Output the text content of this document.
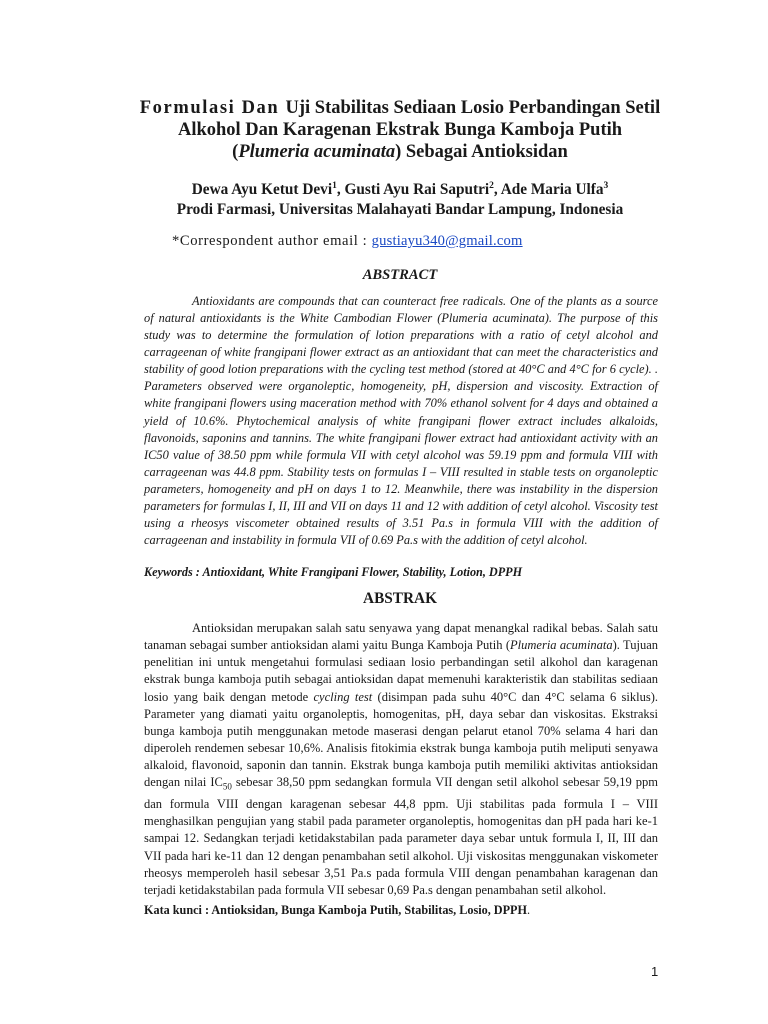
Formulasi Dan Uji Stabilitas Sediaan Losio Perbandingan Setil
Alkohol Dan Karagenan Ekstrak Bunga Kamboja Putih
(Plumeria acuminata) Sebagai Antioksidan
Dewa Ayu Ketut Devi$^1$, Gusti Ayu Rai Saputri$^2$, Ade Maria Ulfa$^3$
Prodi Farmasi, Universitas Malahayati Bandar Lampung, Indonesia
*Correspondent author email : gustiayu340@gmail.com
ABSTRACT

Antioxidants are compounds that can counteract free radicals. One of the plants as a source of natural antioxidants is the White Cambodian Flower (Plumeria acuminata). The purpose of this study was to determine the formulation of lotion preparations with a ratio of cetyl alcohol and carrageenan of white frangipani flower extract as an antioxidant that can meet the characteristics and stability of good lotion preparations with the cycling test method (stored at 40°C and 4°C for 6 cycle). . Parameters observed were organoleptic, homogeneity, pH, dispersion and viscosity. Extraction of white frangipani flowers using maceration method with 70% ethanol solvent for 4 days and obtained a yield of 10.6%. Phytochemical analysis of white frangipani flower extract includes alkaloids, flavonoids, saponins and tannins. The white frangipani flower extract had antioxidant activity with an IC50 value of 38.50 ppm while formula VII with cetyl alcohol was 59.19 ppm and formula VIII with carrageenan was 44.8 ppm. Stability tests on formulas I – VIII resulted in stable tests on organoleptic parameters, homogeneity and pH on days 1 to 12. Meanwhile, there was instability in the dispersion parameters for formulas I, II, III and VII on days 11 and 12 with addition of cetyl alcohol. Viscosity test using a rheosys viscometer obtained results of 3.51 Pa.s in formula VIII with the addition of carrageenan and instability in formula VII of 0.69 Pa.s with the addition of cetyl alcohol.

Keywords : Antioxidant, White Frangipani Flower, Stability, Lotion, DPPH
ABSTRAK

Antioksidan merupakan salah satu senyawa yang dapat menangkal radikal bebas. Salah satu tanaman sebagai sumber antioksidan alami yaitu Bunga Kamboja Putih (Plumeria acuminata). Tujuan penelitian ini untuk mengetahui formulasi sediaan losio perbandingan setil alkohol dan karagenan ekstrak bunga kamboja putih sebagai antioksidan dapat memenuhi karakteristik dan stabilitas sediaan losio yang baik dengan metode cycling test (disimpan pada suhu 40°C dan 4°C selama 6 siklus). Parameter yang diamati yaitu organoleptis, homogenitas, pH, daya sebar dan viskositas. Ekstraksi bunga kamboja putih menggunakan metode maserasi dengan pelarut etanol 70% selama 4 hari dan diperoleh rendemen sebesar 10,6%. Analisis fitokimia ekstrak bunga kamboja putih meliputi senyawa alkaloid, flavonoid, saponin dan tannin. Ekstrak bunga kamboja putih memiliki aktivitas antioksidan dengan nilai $IC_{50}$ sebesar 38,50 ppm sedangkan formula VII dengan setil alkohol sebesar 59,19 ppm dan formula VIII dengan karagenan sebesar 44,8 ppm. Uji stabilitas pada formula I – VIII menghasilkan pengujian yang stabil pada parameter organoleptis, homogenitas dan pH pada hari ke-1 sampai 12. Sedangkan terjadi ketidakstabilan pada parameter daya sebar untuk formula I, II, III dan VII pada hari ke-11 dan 12 dengan penambahan setil alkohol. Uji viskositas menggunakan viskometer rheosys memperoleh hasil sebesar 3,51 Pa.s pada formula VIII dengan penambahan karagenan dan terjadi ketidakstabilan pada formula VII sebesar 0,69 Pa.s dengan penambahan setil alkohol.

Kata kunci : Antioksidan, Bunga Kamboja Putih, Stabilitas, Losio, DPPH.
1
